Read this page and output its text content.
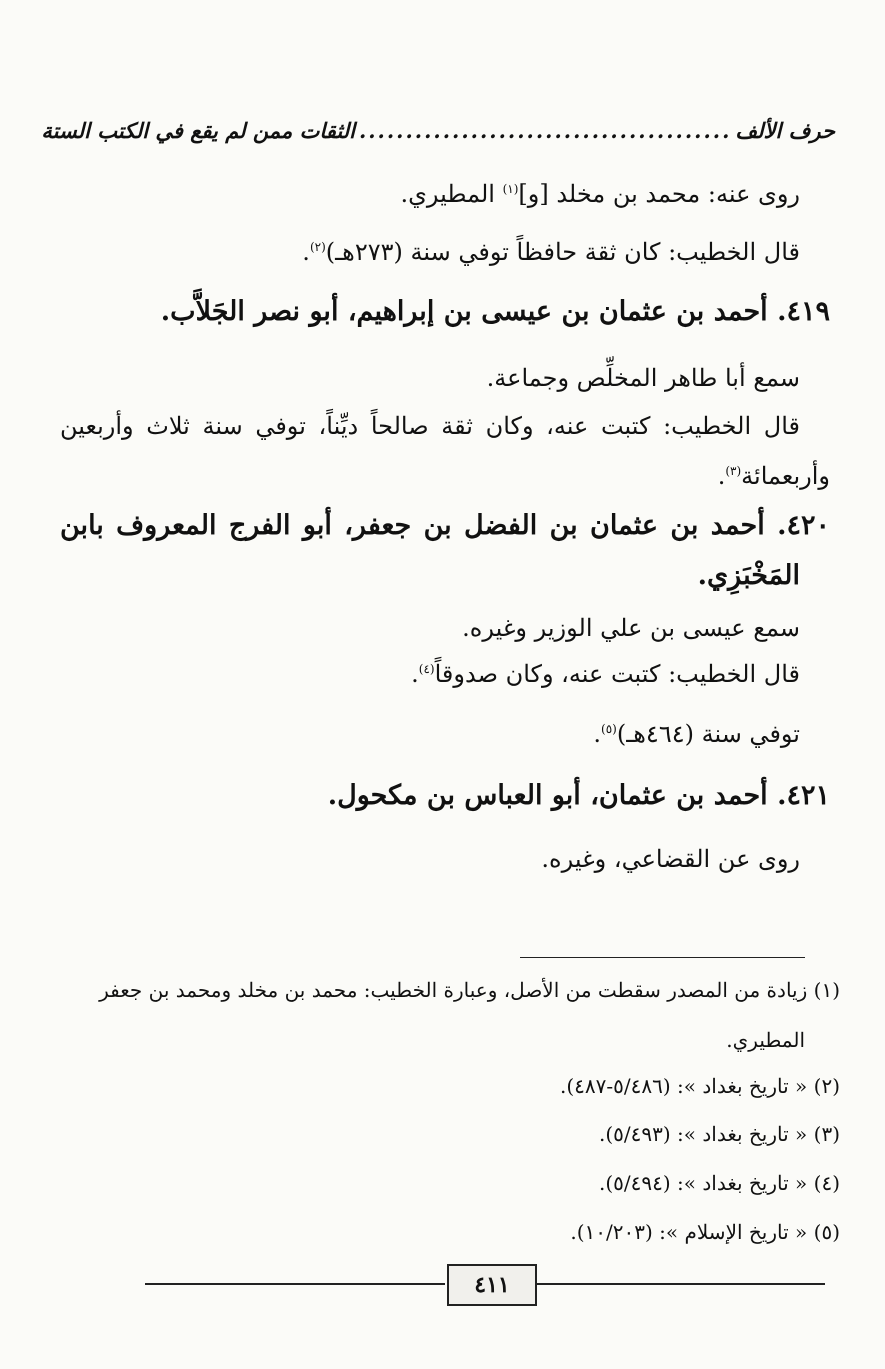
حرف الألف
........................................
الثقات ممن لم يقع في الكتب الستة
روى عنه: محمد بن مخلد [و]$^{(١)}$ المطيري.
قال الخطيب: كان ثقة حافظاً توفي سنة (٢٧٣هـ)$^{(٢)}$.
٤١٩. أحمد بن عثمان بن عيسى بن إبراهيم، أبو نصر الجَلاَّب.
سمع أبا طاهر المخلِّص وجماعة.
قال الخطيب: كتبت عنه، وكان ثقة صالحاً ديِّناً، توفي سنة ثلاث وأربعين
وأربعمائة$^{(٣)}$.
٤٢٠. أحمد بن عثمان بن الفضل بن جعفر، أبو الفرج المعروف بابن
المَخْبَزِي.
سمع عيسى بن علي الوزير وغيره.
قال الخطيب: كتبت عنه، وكان صدوقاً$^{(٤)}$.
توفي سنة (٤٦٤هـ)$^{(٥)}$.
٤٢١. أحمد بن عثمان، أبو العباس بن مكحول.
روى عن القضاعي، وغيره.
(١) زيادة من المصدر سقطت من الأصل، وعبارة الخطيب: محمد بن مخلد ومحمد بن جعفر
المطيري.
(٢) « تاريخ بغداد »: (٥/٤٨٦-٤٨٧).
(٣) « تاريخ بغداد »: (٥/٤٩٣).
(٤) « تاريخ بغداد »: (٥/٤٩٤).
(٥) « تاريخ الإسلام »: (١٠/٢٠٣).
٤١١
